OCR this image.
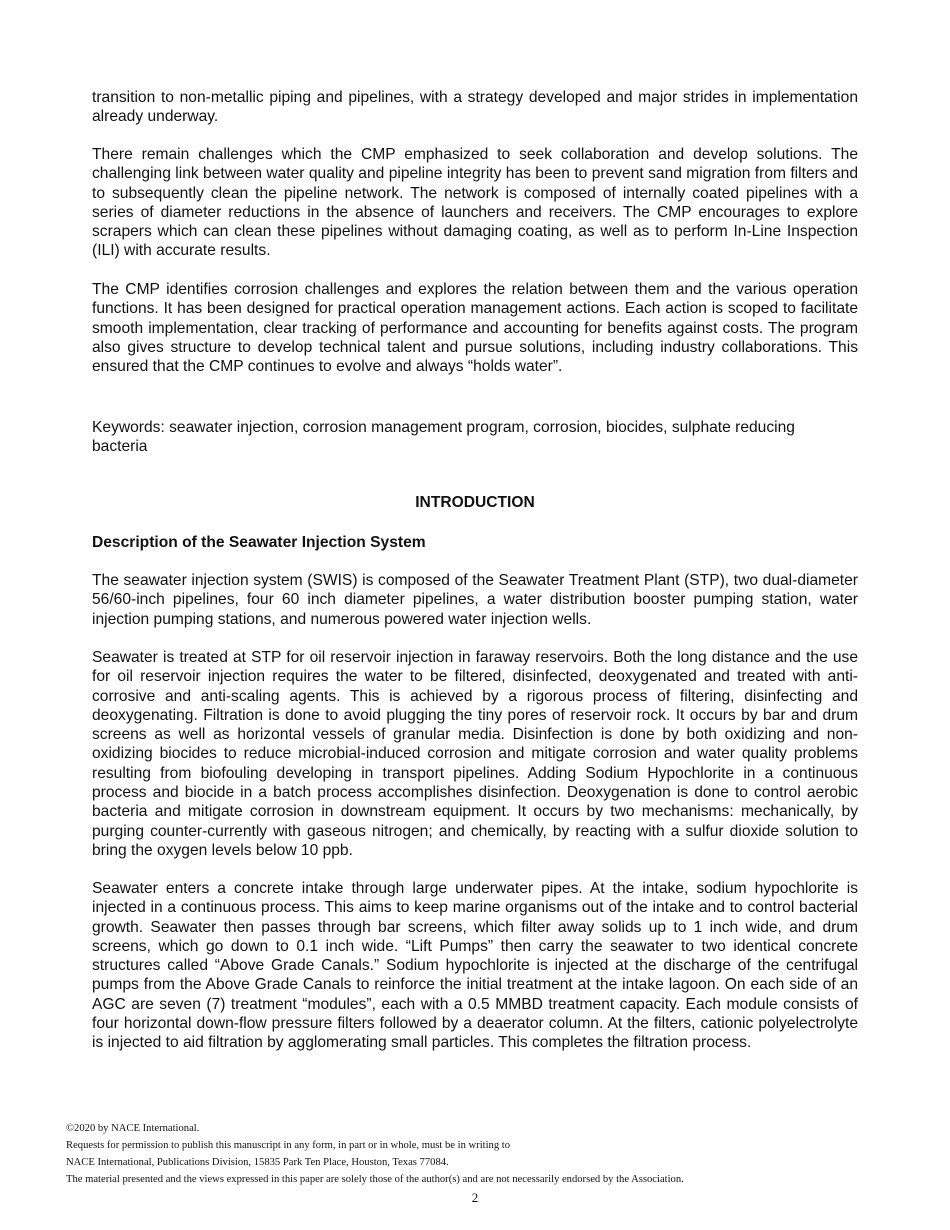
transition to non-metallic piping and pipelines, with a strategy developed and major strides in implementation already underway.

There remain challenges which the CMP emphasized to seek collaboration and develop solutions. The challenging link between water quality and pipeline integrity has been to prevent sand migration from filters and to subsequently clean the pipeline network. The network is composed of internally coated pipelines with a series of diameter reductions in the absence of launchers and receivers. The CMP encourages to explore scrapers which can clean these pipelines without damaging coating, as well as to perform In-Line Inspection (ILI) with accurate results.

The CMP identifies corrosion challenges and explores the relation between them and the various operation functions. It has been designed for practical operation management actions. Each action is scoped to facilitate smooth implementation, clear tracking of performance and accounting for benefits against costs. The program also gives structure to develop technical talent and pursue solutions, including industry collaborations. This ensured that the CMP continues to evolve and always “holds water”.

Keywords: seawater injection, corrosion management program, corrosion, biocides, sulphate reducing bacteria

INTRODUCTION

Description of the Seawater Injection System

The seawater injection system (SWIS) is composed of the Seawater Treatment Plant (STP), two dual-diameter 56/60-inch pipelines, four 60 inch diameter pipelines, a water distribution booster pumping station, water injection pumping stations, and numerous powered water injection wells.

Seawater is treated at STP for oil reservoir injection in faraway reservoirs. Both the long distance and the use for oil reservoir injection requires the water to be filtered, disinfected, deoxygenated and treated with anti-corrosive and anti-scaling agents. This is achieved by a rigorous process of filtering, disinfecting and deoxygenating. Filtration is done to avoid plugging the tiny pores of reservoir rock. It occurs by bar and drum screens as well as horizontal vessels of granular media. Disinfection is done by both oxidizing and non-oxidizing biocides to reduce microbial-induced corrosion and mitigate corrosion and water quality problems resulting from biofouling developing in transport pipelines. Adding Sodium Hypochlorite in a continuous process and biocide in a batch process accomplishes disinfection. Deoxygenation is done to control aerobic bacteria and mitigate corrosion in downstream equipment. It occurs by two mechanisms: mechanically, by purging counter-currently with gaseous nitrogen; and chemically, by reacting with a sulfur dioxide solution to bring the oxygen levels below 10 ppb.

Seawater enters a concrete intake through large underwater pipes. At the intake, sodium hypochlorite is injected in a continuous process. This aims to keep marine organisms out of the intake and to control bacterial growth. Seawater then passes through bar screens, which filter away solids up to 1 inch wide, and drum screens, which go down to 0.1 inch wide. “Lift Pumps” then carry the seawater to two identical concrete structures called “Above Grade Canals.” Sodium hypochlorite is injected at the discharge of the centrifugal pumps from the Above Grade Canals to reinforce the initial treatment at the intake lagoon. On each side of an AGC are seven (7) treatment “modules”, each with a 0.5 MMBD treatment capacity. Each module consists of four horizontal down-flow pressure filters followed by a deaerator column. At the filters, cationic polyelectrolyte is injected to aid filtration by agglomerating small particles. This completes the filtration process.

©2020 by NACE International.
Requests for permission to publish this manuscript in any form, in part or in whole, must be in writing to
NACE International, Publications Division, 15835 Park Ten Place, Houston, Texas 77084.
The material presented and the views expressed in this paper are solely those of the author(s) and are not necessarily endorsed by the Association.
2
